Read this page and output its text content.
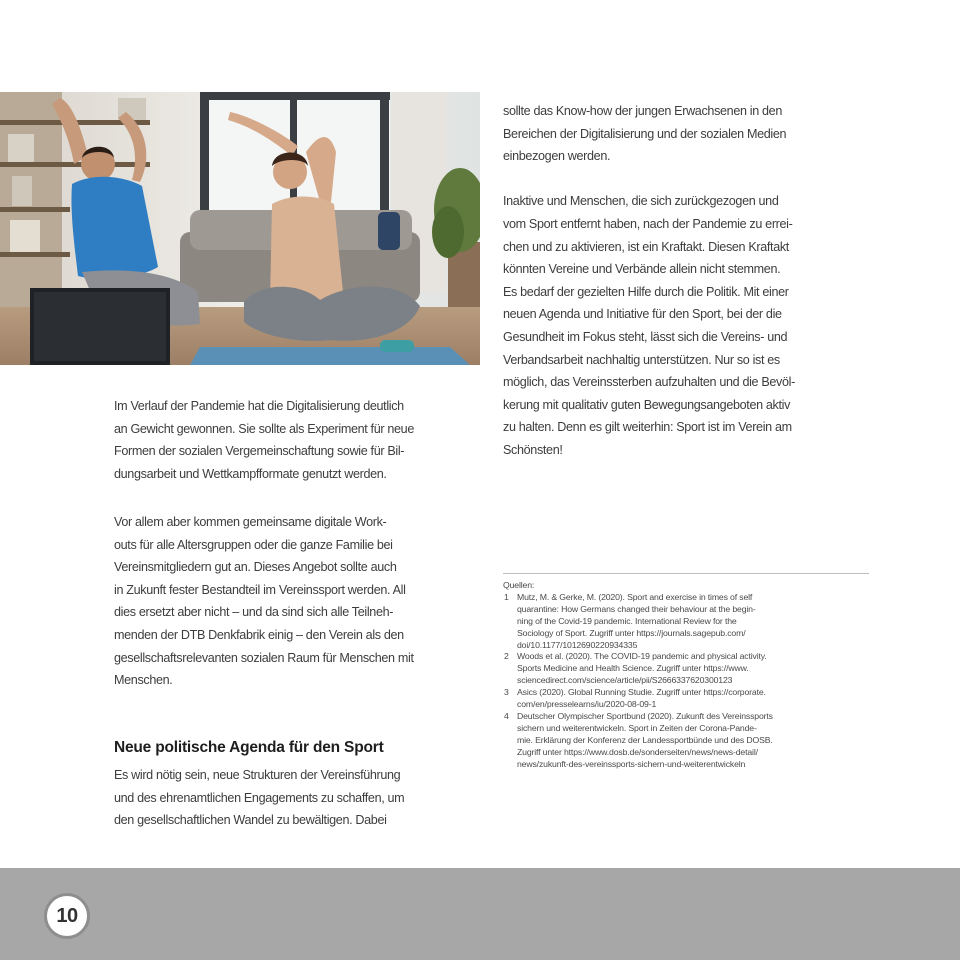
Im Verlauf der Pandemie hat die Digitalisierung deutlich
an Gewicht gewonnen. Sie sollte als Experiment für neue
Formen der sozialen Vergemeinschaftung sowie für Bil-
dungsarbeit und Wettkampfformate genutzt werden.
Vor allem aber kommen gemeinsame digitale Work-
outs für alle Altersgruppen oder die ganze Familie bei
Vereinsmitgliedern gut an. Dieses Angebot sollte auch
in Zukunft fester Bestandteil im Vereinssport werden. All
dies ersetzt aber nicht – und da sind sich alle Teilneh-
menden der DTB Denkfabrik einig – den Verein als den
gesellschaftsrelevanten sozialen Raum für Menschen mit
Menschen.
Neue politische Agenda für den Sport
Es wird nötig sein, neue Strukturen der Vereinsführung
und des ehrenamtlichen Engagements zu schaffen, um
den gesellschaftlichen Wandel zu bewältigen. Dabei

sollte das Know-how der jungen Erwachsenen in den
Bereichen der Digitalisierung und der sozialen Medien
einbezogen werden.

Inaktive und Menschen, die sich zurückgezogen und
vom Sport entfernt haben, nach der Pandemie zu errei-
chen und zu aktivieren, ist ein Kraftakt. Diesen Kraftakt
könnten Vereine und Verbände allein nicht stemmen.
Es bedarf der gezielten Hilfe durch die Politik. Mit einer
neuen Agenda und Initiative für den Sport, bei der die
Gesundheit im Fokus steht, lässt sich die Vereins- und
Verbandsarbeit nachhaltig unterstützen. Nur so ist es
möglich, das Vereinssterben aufzuhalten und die Bevöl-
kerung mit qualitativ guten Bewegungsangeboten aktiv
zu halten. Denn es gilt weiterhin: Sport ist im Verein am
Schönsten!

Quellen:
1 Mutz, M. & Gerke, M. (2020). Sport and exercise in times of self
quarantine: How Germans changed their behaviour at the begin-
ning of the Covid-19 pandemic. International Review for the
Sociology of Sport. Zugriff unter https://journals.sagepub.com/
doi/10.1177/1012690220934335
2 Woods et al. (2020). The COVID-19 pandemic and physical activity.
Sports Medicine and Health Science. Zugriff unter https://www.
sciencedirect.com/science/article/pii/S2666337620300123
3 Asics (2020). Global Running Studie. Zugriff unter https://corporate.
com/en/presselearns/iu/2020-08-09-1
4 Deutscher Olympischer Sportbund (2020). Zukunft des Vereinssports
sichern und weiterentwickeln. Sport in Zeiten der Corona-Pande-
mie. Erklärung der Konferenz der Landessportbünde und des DOSB.
Zugriff unter https://www.dosb.de/sonderseiten/news/news-detail/
news/zukunft-des-vereinssports-sichern-und-weiterentwickeln
10
